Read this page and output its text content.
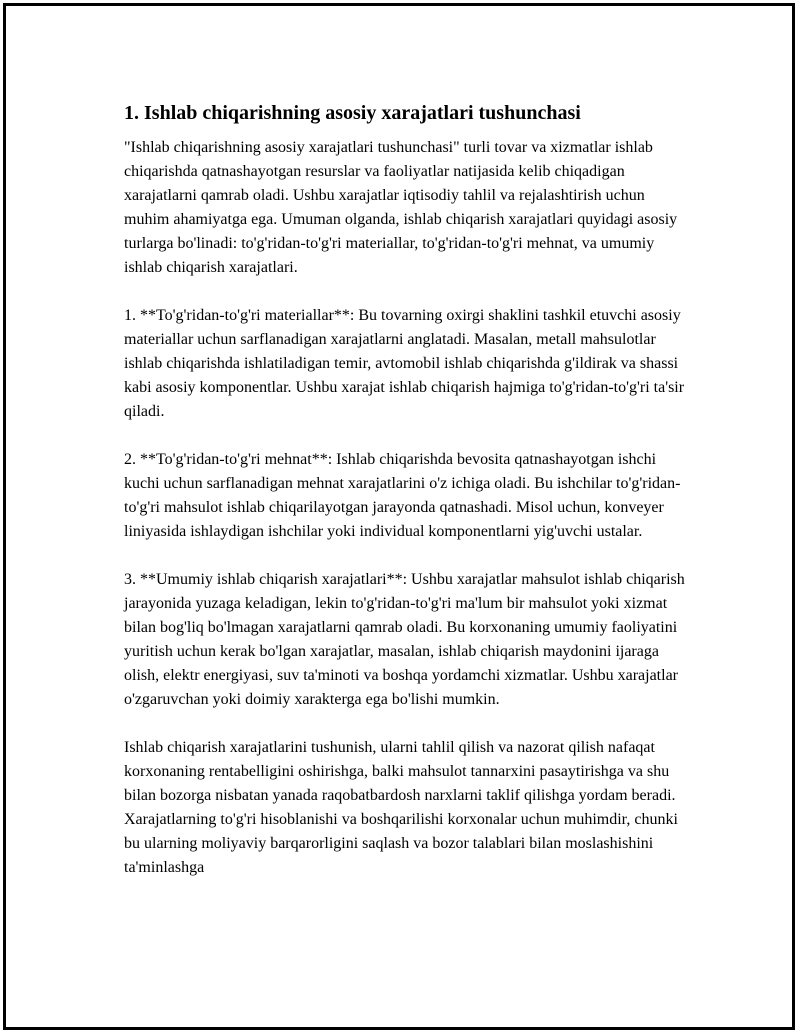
1. Ishlab chiqarishning asosiy xarajatlari tushunchasi

"Ishlab chiqarishning asosiy xarajatlari tushunchasi" turli tovar va xizmatlar ishlab chiqarishda qatnashayotgan resurslar va faoliyatlar natijasida kelib chiqadigan xarajatlarni qamrab oladi. Ushbu xarajatlar iqtisodiy tahlil va rejalashtirish uchun muhim ahamiyatga ega. Umuman olganda, ishlab chiqarish xarajatlari quyidagi asosiy turlarga bo'linadi: to'g'ridan-to'g'ri materiallar, to'g'ridan-to'g'ri mehnat, va umumiy ishlab chiqarish xarajatlari.

1. **To'g'ridan-to'g'ri materiallar**: Bu tovarning oxirgi shaklini tashkil etuvchi asosiy materiallar uchun sarflanadigan xarajatlarni anglatadi. Masalan, metall mahsulotlar ishlab chiqarishda ishlatiladigan temir, avtomobil ishlab chiqarishda g'ildirak va shassi kabi asosiy komponentlar. Ushbu xarajat ishlab chiqarish hajmiga to'g'ridan-to'g'ri ta'sir qiladi.

2. **To'g'ridan-to'g'ri mehnat**: Ishlab chiqarishda bevosita qatnashayotgan ishchi kuchi uchun sarflanadigan mehnat xarajatlarini o'z ichiga oladi. Bu ishchilar to'g'ridan-to'g'ri mahsulot ishlab chiqarilayotgan jarayonda qatnashadi. Misol uchun, konveyer liniyasida ishlaydigan ishchilar yoki individual komponentlarni yig'uvchi ustalar.

3. **Umumiy ishlab chiqarish xarajatlari**: Ushbu xarajatlar mahsulot ishlab chiqarish jarayonida yuzaga keladigan, lekin to'g'ridan-to'g'ri ma'lum bir mahsulot yoki xizmat bilan bog'liq bo'lmagan xarajatlarni qamrab oladi. Bu korxonaning umumiy faoliyatini yuritish uchun kerak bo'lgan xarajatlar, masalan, ishlab chiqarish maydonini ijaraga olish, elektr energiyasi, suv ta'minoti va boshqa yordamchi xizmatlar. Ushbu xarajatlar o'zgaruvchan yoki doimiy xarakterga ega bo'lishi mumkin.

Ishlab chiqarish xarajatlarini tushunish, ularni tahlil qilish va nazorat qilish nafaqat korxonaning rentabelligini oshirishga, balki mahsulot tannarxini pasaytirishga va shu bilan bozorga nisbatan yanada raqobatbardosh narxlarni taklif qilishga yordam beradi. Xarajatlarning to'g'ri hisoblanishi va boshqarilishi korxonalar uchun muhimdir, chunki bu ularning moliyaviy barqarorligini saqlash va bozor talablari bilan moslashishini ta'minlashga
